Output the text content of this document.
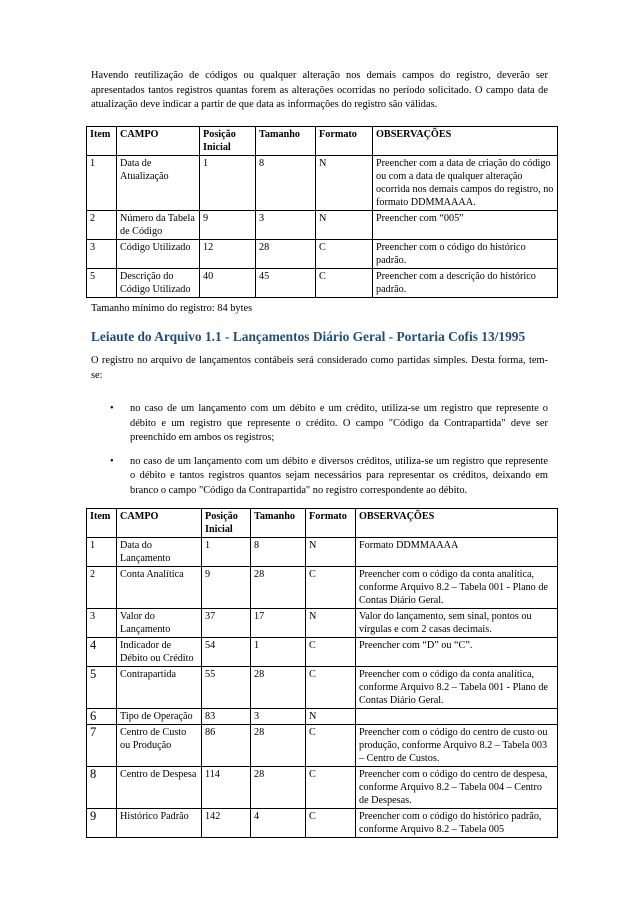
Havendo reutilização de códigos ou qualquer alteração nos demais campos do registro, deverão ser apresentados tantos registros quantas forem as alterações ocorridas no período solicitado. O campo data de atualização deve indicar a partir de que data as informações do registro são válidas.

Item	CAMPO	Posição Inicial	Tamanho	Formato	OBSERVAÇÕES
1	Data de Atualização	1	8	N	Preencher com a data de criação do código ou com a data de qualquer alteração ocorrida nos demais campos do registro, no formato DDMMAAAA.
2	Número da Tabela de Código	9	3	N	Preencher com “005”
3	Código Utilizado	12	28	C	Preencher com o código do histórico padrão.
5	Descrição do Código Utilizado	40	45	C	Preencher com a descrição do histórico padrão.

Tamanho mínimo do registro: 84 bytes

Leiaute do Arquivo 1.1 - Lançamentos Diário Geral - Portaria Cofis 13/1995

O registro no arquivo de lançamentos contábeis será considerado como partidas simples. Desta forma, tem-se:

• no caso de um lançamento com um débito e um crédito, utiliza-se um registro que represente o débito e um registro que represente o crédito. O campo "Código da Contrapartida" deve ser preenchido em ambos os registros;
• no caso de um lançamento com um débito e diversos créditos, utiliza-se um registro que represente o débito e tantos registros quantos sejam necessários para representar os créditos, deixando em branco o campo "Código da Contrapartida" no registro correspondente ao débito.
Item	CAMPO	Posição Inicial	Tamanho	Formato	OBSERVAÇÕES
1	Data do Lançamento	1	8	N	Formato DDMMAAAA
2	Conta Analítica	9	28	C	Preencher com o código da conta analítica, conforme Arquivo 8.2 – Tabela 001 - Plano de Contas Diário Geral.
3	Valor do Lançamento	37	17	N	Valor do lançamento, sem sinal, pontos ou vírgulas e com 2 casas decimais.
4	Indicador de Débito ou Crédito	54	1	C	Preencher com “D” ou “C”.
5	Contrapartida	55	28	C	Preencher com o código da conta analítica, conforme Arquivo 8.2 – Tabela 001 - Plano de Contas Diário Geral.
6	Tipo de Operação	83	3	N	
7	Centro de Custo ou Produção	86	28	C	Preencher com o código do centro de custo ou produção, conforme Arquivo 8.2 – Tabela 003 – Centro de Custos.
8	Centro de Despesa	114	28	C	Preencher com o código do centro de despesa, conforme Arquivo 8.2 – Tabela 004 – Centro de Despesas.
9	Histórico Padrão	142	4	C	Preencher com o código do histórico padrão, conforme Arquivo 8.2 – Tabela 005
